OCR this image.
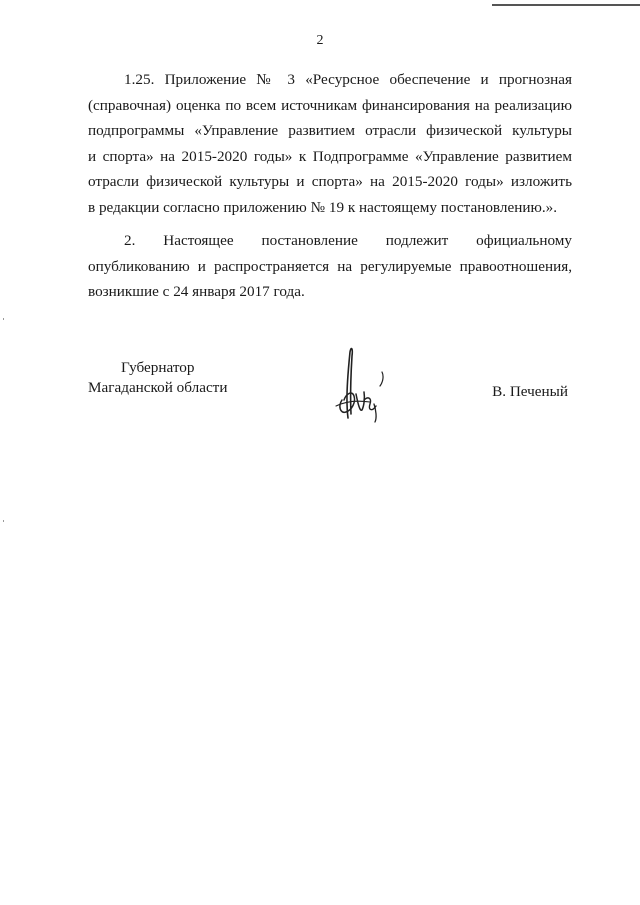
2
1.25. Приложение № 3 «Ресурсное обеспечение и прогнозная
(справочная) оценка по всем источникам финансирования на реализацию
подпрограммы «Управление развитием отрасли физической культуры
и спорта» на 2015-2020 годы» к Подпрограмме «Управление развитием
отрасли физической культуры и спорта» на 2015-2020 годы» изложить
в редакции согласно приложению № 19 к настоящему постановлению.».
2. Настоящее постановление подлежит официальному
опубликованию и распространяется на регулируемые правоотношения,
возникшие с 24 января 2017 года.
Губернатор
Магаданской области	В. Печеный
